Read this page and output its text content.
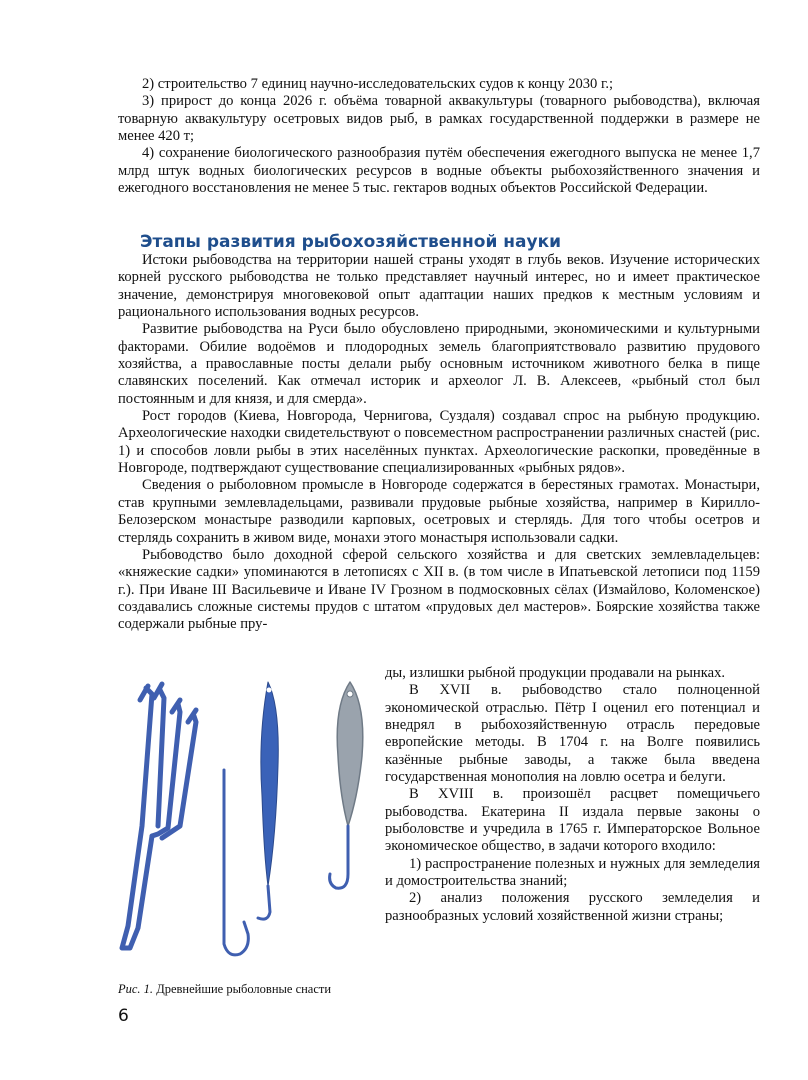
2) строительство 7 единиц научно-исследовательских судов к концу 2030 г.;

3) прирост до конца 2026 г. объёма товарной аквакультуры (товарного рыбоводства), включая товарную аквакультуру осетровых видов рыб, в рамках государственной поддержки в размере не менее 420 т;

4) сохранение биологического разнообразия путём обеспечения ежегодного выпуска не менее 1,7 млрд штук водных биологических ресурсов в водные объекты рыбохозяйственного значения и ежегодного восстановления не менее 5 тыс. гектаров водных объектов Российской Федерации.

Этапы развития рыбохозяйственной науки

Истоки рыбоводства на территории нашей страны уходят в глубь веков. Изучение исторических корней русского рыбоводства не только представляет научный интерес, но и имеет практическое значение, демонстрируя многовековой опыт адаптации наших предков к местным условиям и рационального использования водных ресурсов.

Развитие рыбоводства на Руси было обусловлено природными, экономическими и культурными факторами. Обилие водоёмов и плодородных земель благоприятствовало развитию прудового хозяйства, а православные посты делали рыбу основным источником животного белка в пище славянских поселений. Как отмечал историк и археолог Л. В. Алексеев, «рыбный стол был постоянным и для князя, и для смерда».

Рост городов (Киева, Новгорода, Чернигова, Суздаля) создавал спрос на рыбную продукцию. Археологические находки свидетельствуют о повсеместном распространении различных снастей (рис. 1) и способов ловли рыбы в этих населённых пунктах. Археологические раскопки, проведённые в Новгороде, подтверждают существование специализированных «рыбных рядов».

Сведения о рыболовном промысле в Новгороде содержатся в берестяных грамотах. Монастыри, став крупными землевладельцами, развивали прудовые рыбные хозяйства, например в Кирилло-Белозерском монастыре разводили карповых, осетровых и стерлядь. Для того чтобы осетров и стерлядь сохранить в живом виде, монахи этого монастыря использовали садки.

Рыбоводство было доходной сферой сельского хозяйства и для светских землевладельцев: «княжеские садки» упоминаются в летописях с XII в. (в том числе в Ипатьевской летописи под 1159 г.). При Иване III Васильевиче и Иване IV Грозном в подмосковных сёлах (Измайлово, Коломенское) создавались сложные системы прудов с штатом «прудовых дел мастеров». Боярские хозяйства также содержали рыбные пру-

Рис. 1. Древнейшие рыболовные снасти

ды, излишки рыбной продукции продавали на рынках.

В XVII в. рыбоводство стало полноценной экономической отраслью. Пётр I оценил его потенциал и внедрял в рыбохозяйственную отрасль передовые европейские методы. В 1704 г. на Волге появились казённые рыбные заводы, а также была введена государственная монополия на ловлю осетра и белуги.

В XVIII в. произошёл расцвет помещичьего рыбоводства. Екатерина II издала первые законы о рыболовстве и учредила в 1765 г. Императорское Вольное экономическое общество, в задачи которого входило:

1) распространение полезных и нужных для земледелия и домостроительства знаний;

2) анализ положения русского земледелия и разнообразных условий хозяйственной жизни страны;

6
